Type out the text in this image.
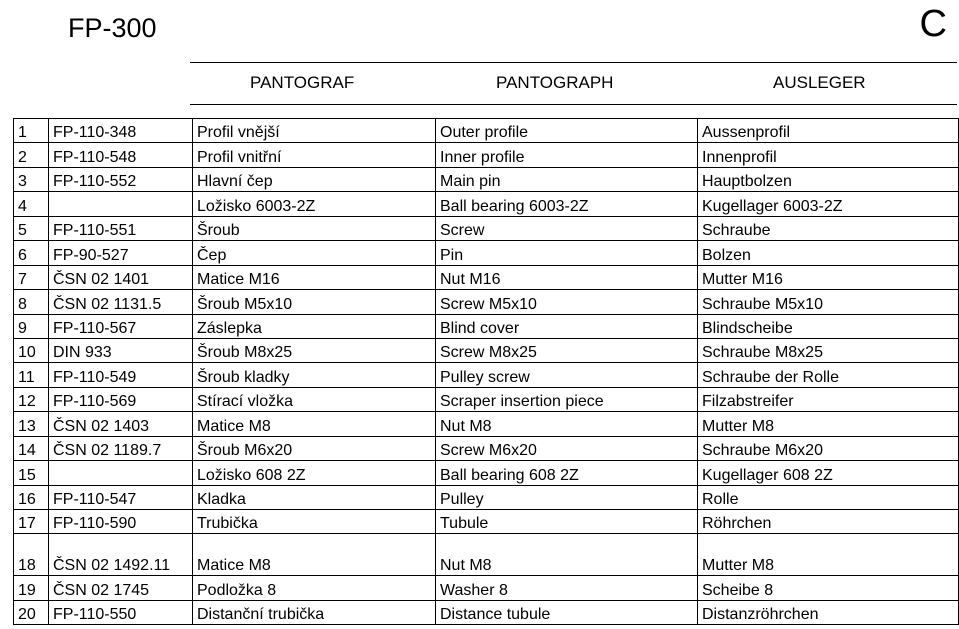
FP-300	C
PANTOGRAF	PANTOGRAPH	AUSLEGER
1	FP-110-348	Profil vnější	Outer profile	Aussenprofil
2	FP-110-548	Profil vnitřní	Inner profile	Innenprofil
3	FP-110-552	Hlavní čep	Main pin	Hauptbolzen
4		Ložisko 6003-2Z	Ball bearing 6003-2Z	Kugellager 6003-2Z
5	FP-110-551	Šroub	Screw	Schraube
6	FP-90-527	Čep	Pin	Bolzen
7	ČSN 02 1401	Matice M16	Nut M16	Mutter M16
8	ČSN 02 1131.5	Šroub M5x10	Screw M5x10	Schraube M5x10
9	FP-110-567	Záslepka	Blind cover	Blindscheibe
10	DIN 933	Šroub M8x25	Screw M8x25	Schraube M8x25
11	FP-110-549	Šroub kladky	Pulley screw	Schraube der Rolle
12	FP-110-569	Stírací vložka	Scraper insertion piece	Filzabstreifer
13	ČSN 02 1403	Matice M8	Nut M8	Mutter M8
14	ČSN 02 1189.7	Šroub M6x20	Screw M6x20	Schraube M6x20
15		Ložisko 608 2Z	Ball bearing 608 2Z	Kugellager 608 2Z
16	FP-110-547	Kladka	Pulley	Rolle
17	FP-110-590	Trubička	Tubule	Röhrchen
18	ČSN 02 1492.11	Matice M8	Nut M8	Mutter M8
19	ČSN 02 1745	Podložka 8	Washer 8	Scheibe 8
20	FP-110-550	Distanční trubička	Distance tubule	Distanzröhrchen
